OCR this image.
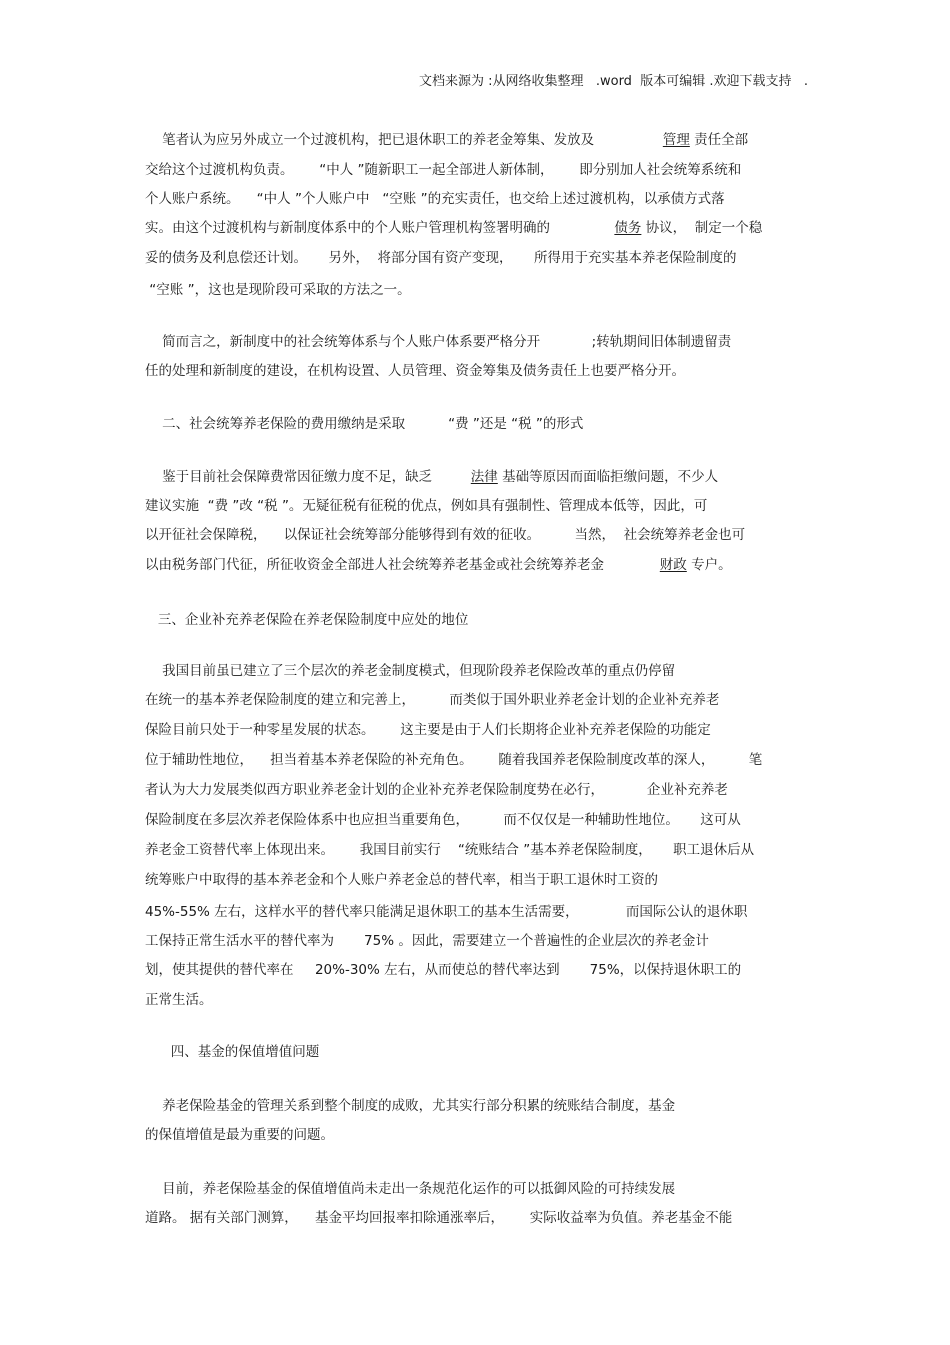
文档来源为 :从网络收集整理   .word  版本可编辑 .欢迎下载支持   .
笔者认为应另外成立一个过渡机构，把已退休职工的养老金筹集、发放及                管理 责任全部
交给这个过渡机构负责。      “中人 ”随新职工一起全部进人新体制，      即分别加人社会统筹系统和
个人账户系统。    “中人 ”个人账户中   “空账 ”的充实责任，也交给上述过渡机构，以承债方式落
实。由这个过渡机构与新制度体系中的个人账户管理机构签署明确的               债务 协议，  制定一个稳
妥的债务及利息偿还计划。     另外，  将部分国有资产变现，     所得用于充实基本养老保险制度的
“空账 ”，这也是现阶段可采取的方法之一。
简而言之，新制度中的社会统筹体系与个人账户体系要严格分开            ;转轨期间旧体制遗留责
任的处理和新制度的建设，在机构设置、人员管理、资金筹集及债务责任上也要严格分开。
二、社会统筹养老保险的费用缴纳是采取          “费 ”还是 “税 ”的形式
鉴于目前社会保障费常因征缴力度不足，缺乏         法律 基础等原因而面临拒缴问题，不少人
建议实施  “费 ”改 “税 ”。无疑征税有征税的优点，例如具有强制性、管理成本低等，因此，可
以开征社会保障税，    以保证社会统筹部分能够得到有效的征收。        当然，  社会统筹养老金也可
以由税务部门代征，所征收资金全部进人社会统筹养老基金或社会统筹养老金             财政 专户。
三、企业补充养老保险在养老保险制度中应处的地位
我国目前虽已建立了三个层次的养老金制度模式，但现阶段养老保险改革的重点仍停留
在统一的基本养老保险制度的建立和完善上，        而类似于国外职业养老金计划的企业补充养老
保险目前只处于一种零星发展的状态。      这主要是由于人们长期将企业补充养老保险的功能定
位于辅助性地位，    担当着基本养老保险的补充角色。      随着我国养老保险制度改革的深人，        笔
者认为大力发展类似西方职业养老金计划的企业补充养老保险制度势在必行，          企业补充养老
保险制度在多层次养老保险体系中也应担当重要角色，        而不仅仅是一种辅助性地位。     这可从
养老金工资替代率上体现出来。      我国目前实行    “统账结合 ”基本养老保险制度，     职工退休后从
统筹账户中取得的基本养老金和个人账户养老金总的替代率，相当于职工退休时工资的
45%-55% 左右，这样水平的替代率只能满足退休职工的基本生活需要，           而国际公认的退休职
工保持正常生活水平的替代率为       75% 。因此，需要建立一个普遍性的企业层次的养老金计
划，使其提供的替代率在     20%-30% 左右，从而使总的替代率达到       75%，以保持退休职工的
正常生活。
四、基金的保值增值问题
养老保险基金的管理关系到整个制度的成败，尤其实行部分积累的统账结合制度，基金
的保值增值是最为重要的问题。
目前，养老保险基金的保值增值尚未走出一条规范化运作的可以抵御风险的可持续发展
道路。 据有关部门测算，    基金平均回报率扣除通涨率后，      实际收益率为负值。养老基金不能
